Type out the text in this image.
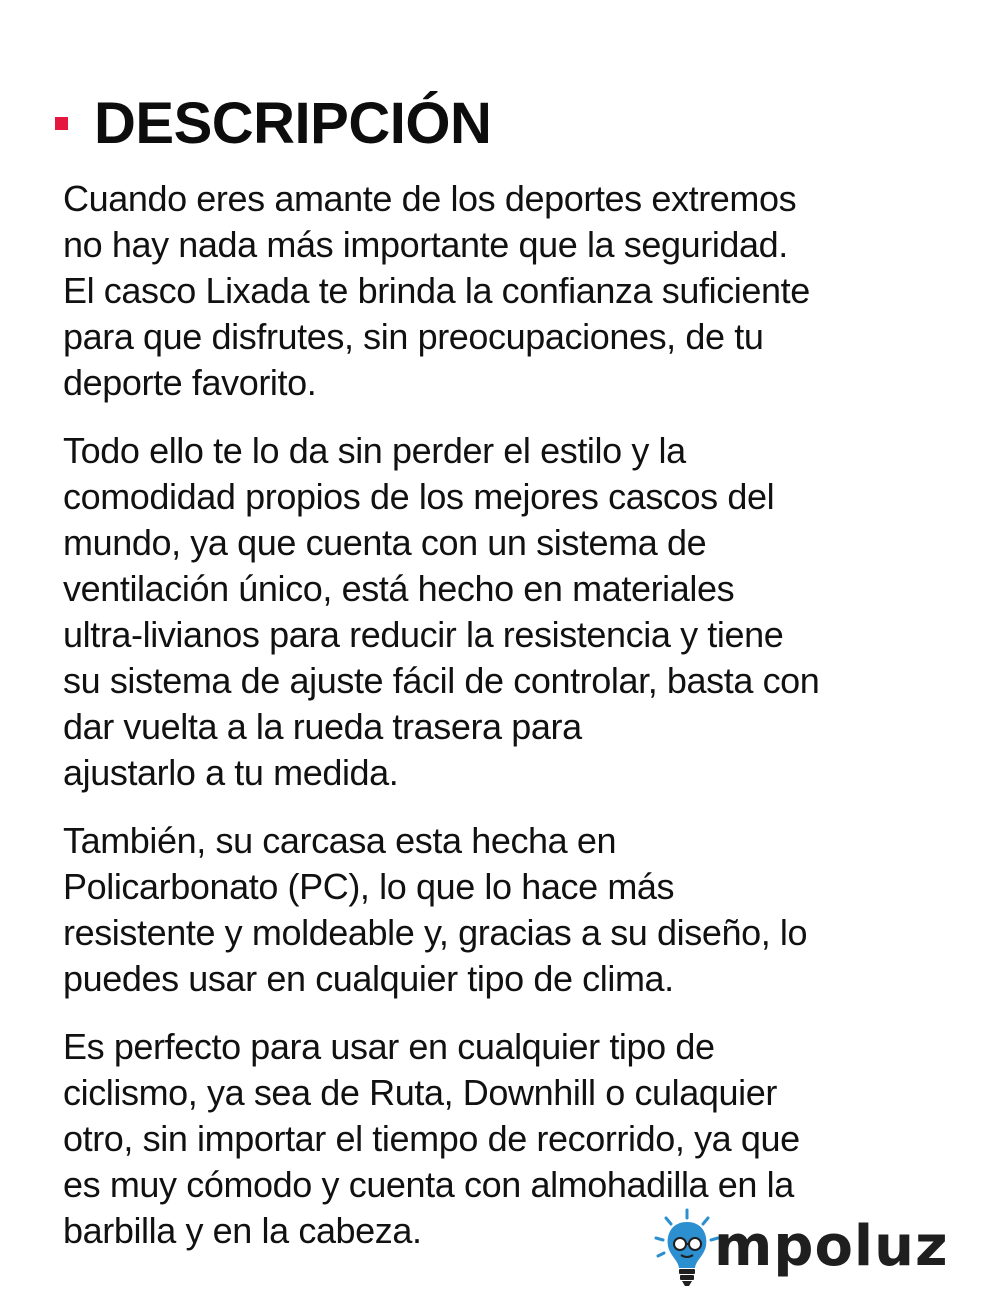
DESCRIPCIÓN

Cuando eres amante de los deportes extremos
no hay nada más importante que la seguridad.
El casco Lixada te brinda la confianza suficiente
para que disfrutes, sin preocupaciones, de tu
deporte favorito.

Todo ello te lo da sin perder el estilo y la
comodidad propios de los mejores cascos del
mundo, ya que cuenta con un sistema de
ventilación único, está hecho en materiales
ultra-livianos para reducir la resistencia y tiene
su sistema de ajuste fácil de controlar, basta con
dar vuelta a la rueda trasera para
ajustarlo a tu medida.

También, su carcasa esta hecha en
Policarbonato (PC), lo que lo hace más
resistente y moldeable y, gracias a su diseño, lo
puedes usar en cualquier tipo de clima.

Es perfecto para usar en cualquier tipo de
ciclismo, ya sea de Ruta, Downhill o culaquier
otro, sin importar el tiempo de recorrido, ya que
es muy cómodo y cuenta con almohadilla en la
barbilla y en la cabeza.	mpoluz
